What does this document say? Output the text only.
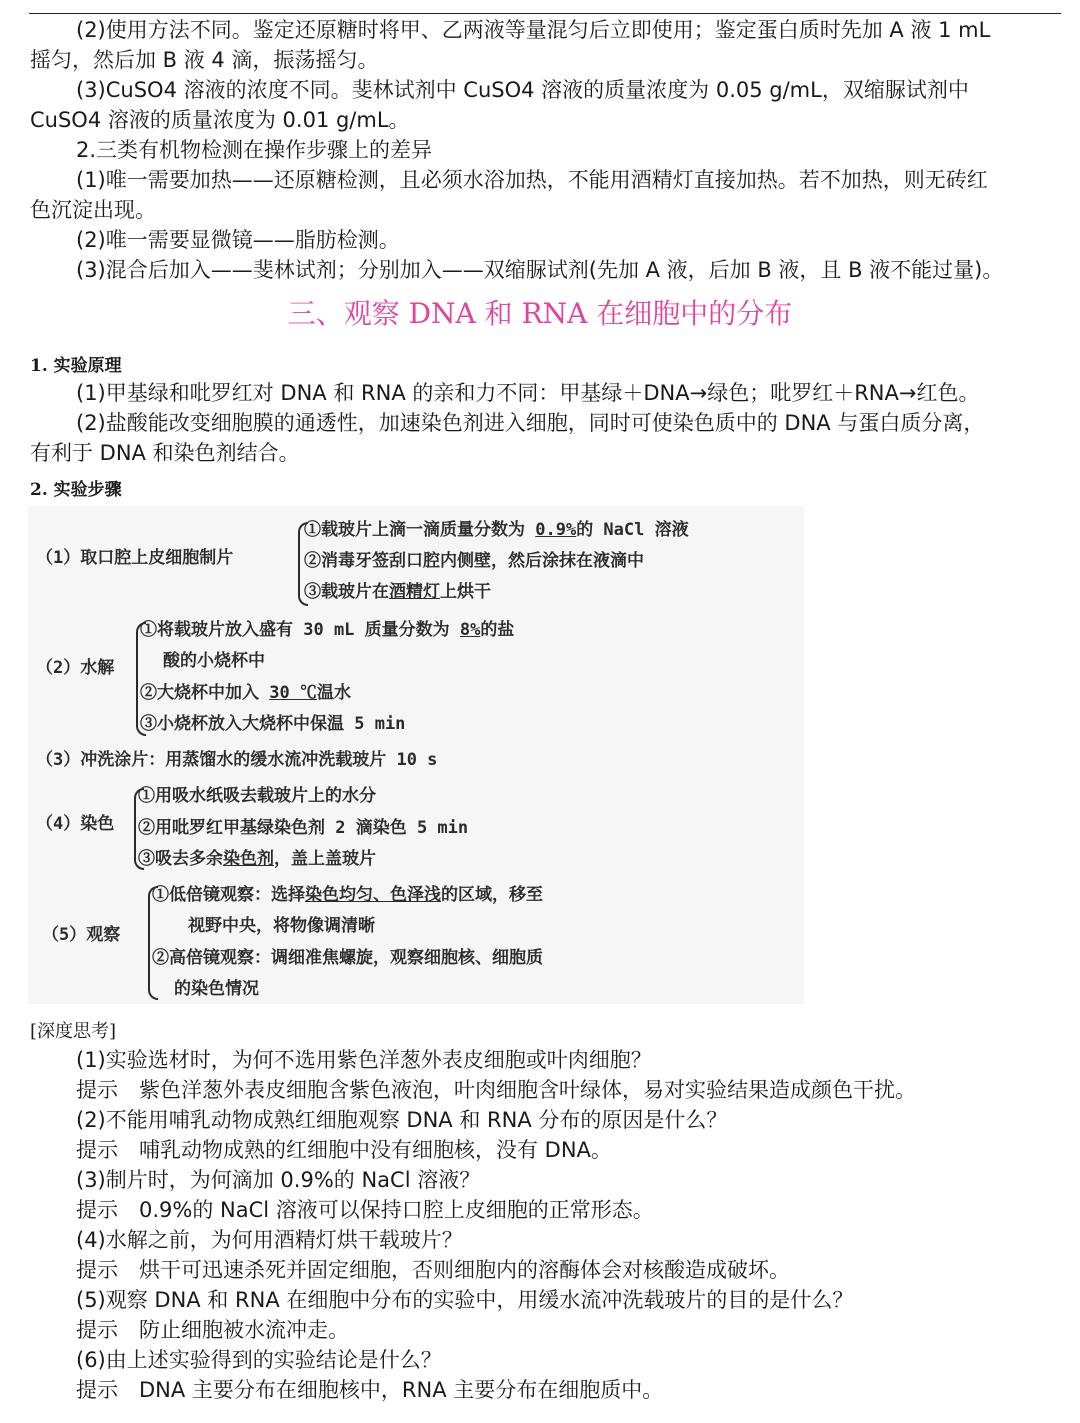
(2)使用方法不同。鉴定还原糖时将甲、乙两液等量混匀后立即使用；鉴定蛋白质时先加 A 液 1 mL
摇匀，然后加 B 液 4 滴，振荡摇匀。
(3)CuSO4 溶液的浓度不同。斐林试剂中 CuSO4 溶液的质量浓度为 0.05 g/mL，双缩脲试剂中
CuSO4 溶液的质量浓度为 0.01 g/mL。
2.三类有机物检测在操作步骤上的差异
(1)唯一需要加热——还原糖检测，且必须水浴加热，不能用酒精灯直接加热。若不加热，则无砖红
色沉淀出现。
(2)唯一需要显微镜——脂肪检测。
(3)混合后加入——斐林试剂；分别加入——双缩脲试剂(先加 A 液，后加 B 液，且 B 液不能过量)。
三、观察 DNA 和 RNA 在细胞中的分布
1. 实验原理
(1)甲基绿和吡罗红对 DNA 和 RNA 的亲和力不同：甲基绿＋DNA→绿色；吡罗红＋RNA→红色。
(2)盐酸能改变细胞膜的通透性，加速染色剂进入细胞，同时可使染色质中的 DNA 与蛋白质分离，
有利于 DNA 和染色剂结合。
2. 实验步骤
（1）取口腔上皮细胞制片
①载玻片上滴一滴质量分数为 0.9%的 NaCl 溶液
②消毒牙签刮口腔内侧壁，然后涂抹在液滴中
③载玻片在酒精灯上烘干
（2）水解
①将载玻片放入盛有 30 mL 质量分数为 8%的盐
酸的小烧杯中
②大烧杯中加入 30 ℃温水
③小烧杯放入大烧杯中保温 5 min
（3）冲洗涂片：用蒸馏水的缓水流冲洗载玻片 10 s
（4）染色
①用吸水纸吸去载玻片上的水分
②用吡罗红甲基绿染色剂 2 滴染色 5 min
③吸去多余染色剂，盖上盖玻片
（5）观察
①低倍镜观察：选择染色均匀、色泽浅的区域，移至
视野中央，将物像调清晰
②高倍镜观察：调细准焦螺旋，观察细胞核、细胞质
的染色情况
[深度思考]
(1)实验选材时，为何不选用紫色洋葱外表皮细胞或叶肉细胞？
提示　紫色洋葱外表皮细胞含紫色液泡，叶肉细胞含叶绿体，易对实验结果造成颜色干扰。
(2)不能用哺乳动物成熟红细胞观察 DNA 和 RNA 分布的原因是什么？
提示　哺乳动物成熟的红细胞中没有细胞核，没有 DNA。
(3)制片时，为何滴加 0.9%的 NaCl 溶液？
提示　0.9%的 NaCl 溶液可以保持口腔上皮细胞的正常形态。
(4)水解之前，为何用酒精灯烘干载玻片？
提示　烘干可迅速杀死并固定细胞，否则细胞内的溶酶体会对核酸造成破坏。
(5)观察 DNA 和 RNA 在细胞中分布的实验中，用缓水流冲洗载玻片的目的是什么？
提示　防止细胞被水流冲走。
(6)由上述实验得到的实验结论是什么？
提示　DNA 主要分布在细胞核中，RNA 主要分布在细胞质中。
